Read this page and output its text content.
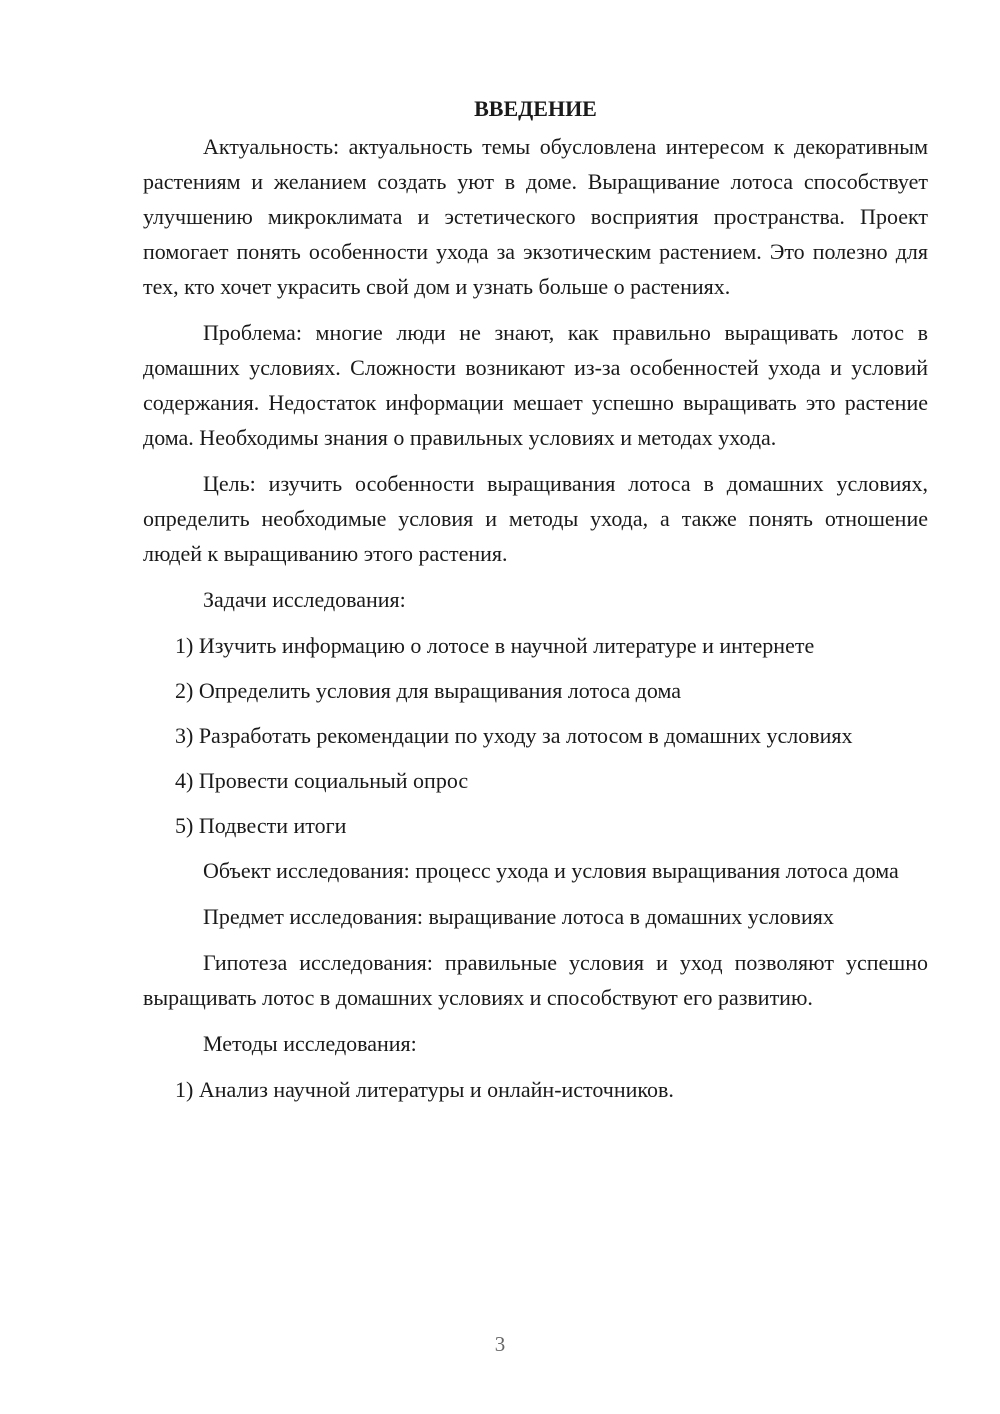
ВВЕДЕНИЕ

Актуальность: актуальность темы обусловлена интересом к декоративным растениям и желанием создать уют в доме. Выращивание лотоса способствует улучшению микроклимата и эстетического восприятия пространства. Проект помогает понять особенности ухода за экзотическим растением. Это полезно для тех, кто хочет украсить свой дом и узнать больше о растениях.

Проблема: многие люди не знают, как правильно выращивать лотос в домашних условиях. Сложности возникают из-за особенностей ухода и условий содержания. Недостаток информации мешает успешно выращивать это растение дома. Необходимы знания о правильных условиях и методах ухода.

Цель: изучить особенности выращивания лотоса в домашних условиях, определить необходимые условия и методы ухода, а также понять отношение людей к выращиванию этого растения.

Задачи исследования:

1) Изучить информацию о лотосе в научной литературе и интернете

2) Определить условия для выращивания лотоса дома

3) Разработать рекомендации по уходу за лотосом в домашних условиях

4) Провести социальный опрос

5) Подвести итоги

Объект исследования: процесс ухода и условия выращивания лотоса дома

Предмет исследования: выращивание лотоса в домашних условиях

Гипотеза исследования: правильные условия и уход позволяют успешно выращивать лотос в домашних условиях и способствуют его развитию.

Методы исследования:

1) Анализ научной литературы и онлайн-источников.

3
